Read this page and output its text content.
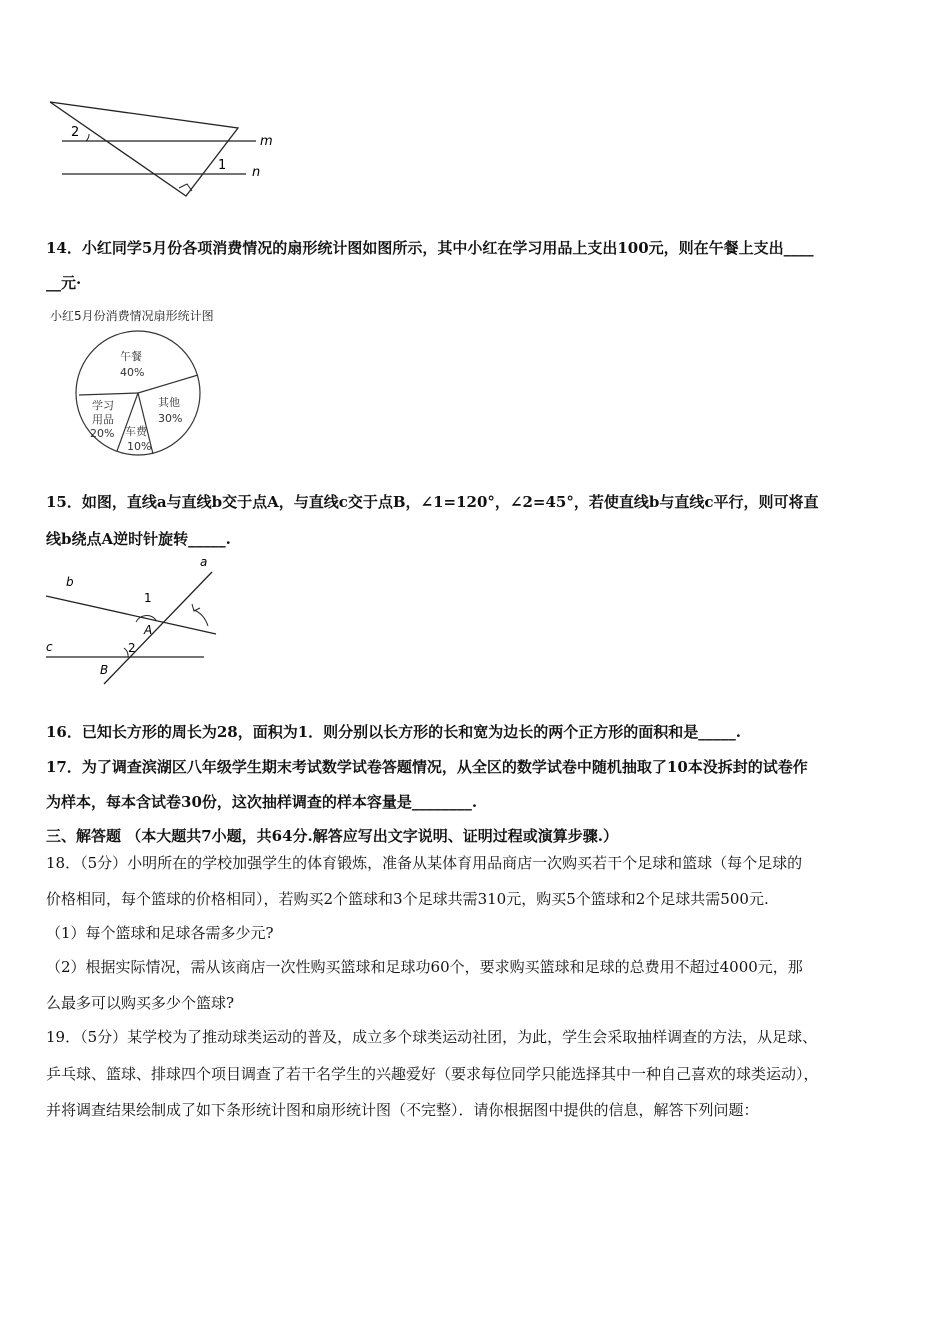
2
1
m
n
14．小红同学5月份各项消费情况的扇形统计图如图所示，其中小红在学习用品上支出100元，则在午餐上支出____
__元·
小红5月份消费情况扇形统计图
午餐
40%
其他
30%
车费
10%
学习
用品
20%
15．如图，直线a与直线b交于点A，与直线c交于点B，∠1=120°，∠2=45°，若使直线b与直线c平行，则可将直
线b绕点A逆时针旋转_____.
a
b
c
A
B
1
2
16．已知长方形的周长为28，面积为1．则分别以长方形的长和宽为边长的两个正方形的面积和是_____.
17．为了调查滨湖区八年级学生期末考试数学试卷答题情况，从全区的数学试卷中随机抽取了10本没拆封的试卷作
为样本，每本含试卷30份，这次抽样调查的样本容量是________.
三、解答题 （本大题共7小题，共64分.解答应写出文字说明、证明过程或演算步骤.）
18．（5分）小明所在的学校加强学生的体育锻炼，准备从某体育用品商店一次购买若干个足球和篮球（每个足球的
价格相同，每个篮球的价格相同），若购买2个篮球和3个足球共需310元，购买5个篮球和2个足球共需500元.
（1）每个篮球和足球各需多少元?
（2）根据实际情况，需从该商店一次性购买篮球和足球功60个，要求购买篮球和足球的总费用不超过4000元，那
么最多可以购买多少个篮球?
19．（5分）某学校为了推动球类运动的普及，成立多个球类运动社团，为此，学生会采取抽样调查的方法，从足球、
乒乓球、篮球、排球四个项目调查了若干名学生的兴趣爱好（要求每位同学只能选择其中一种自己喜欢的球类运动），
并将调查结果绘制成了如下条形统计图和扇形统计图（不完整）．请你根据图中提供的信息，解答下列问题：
